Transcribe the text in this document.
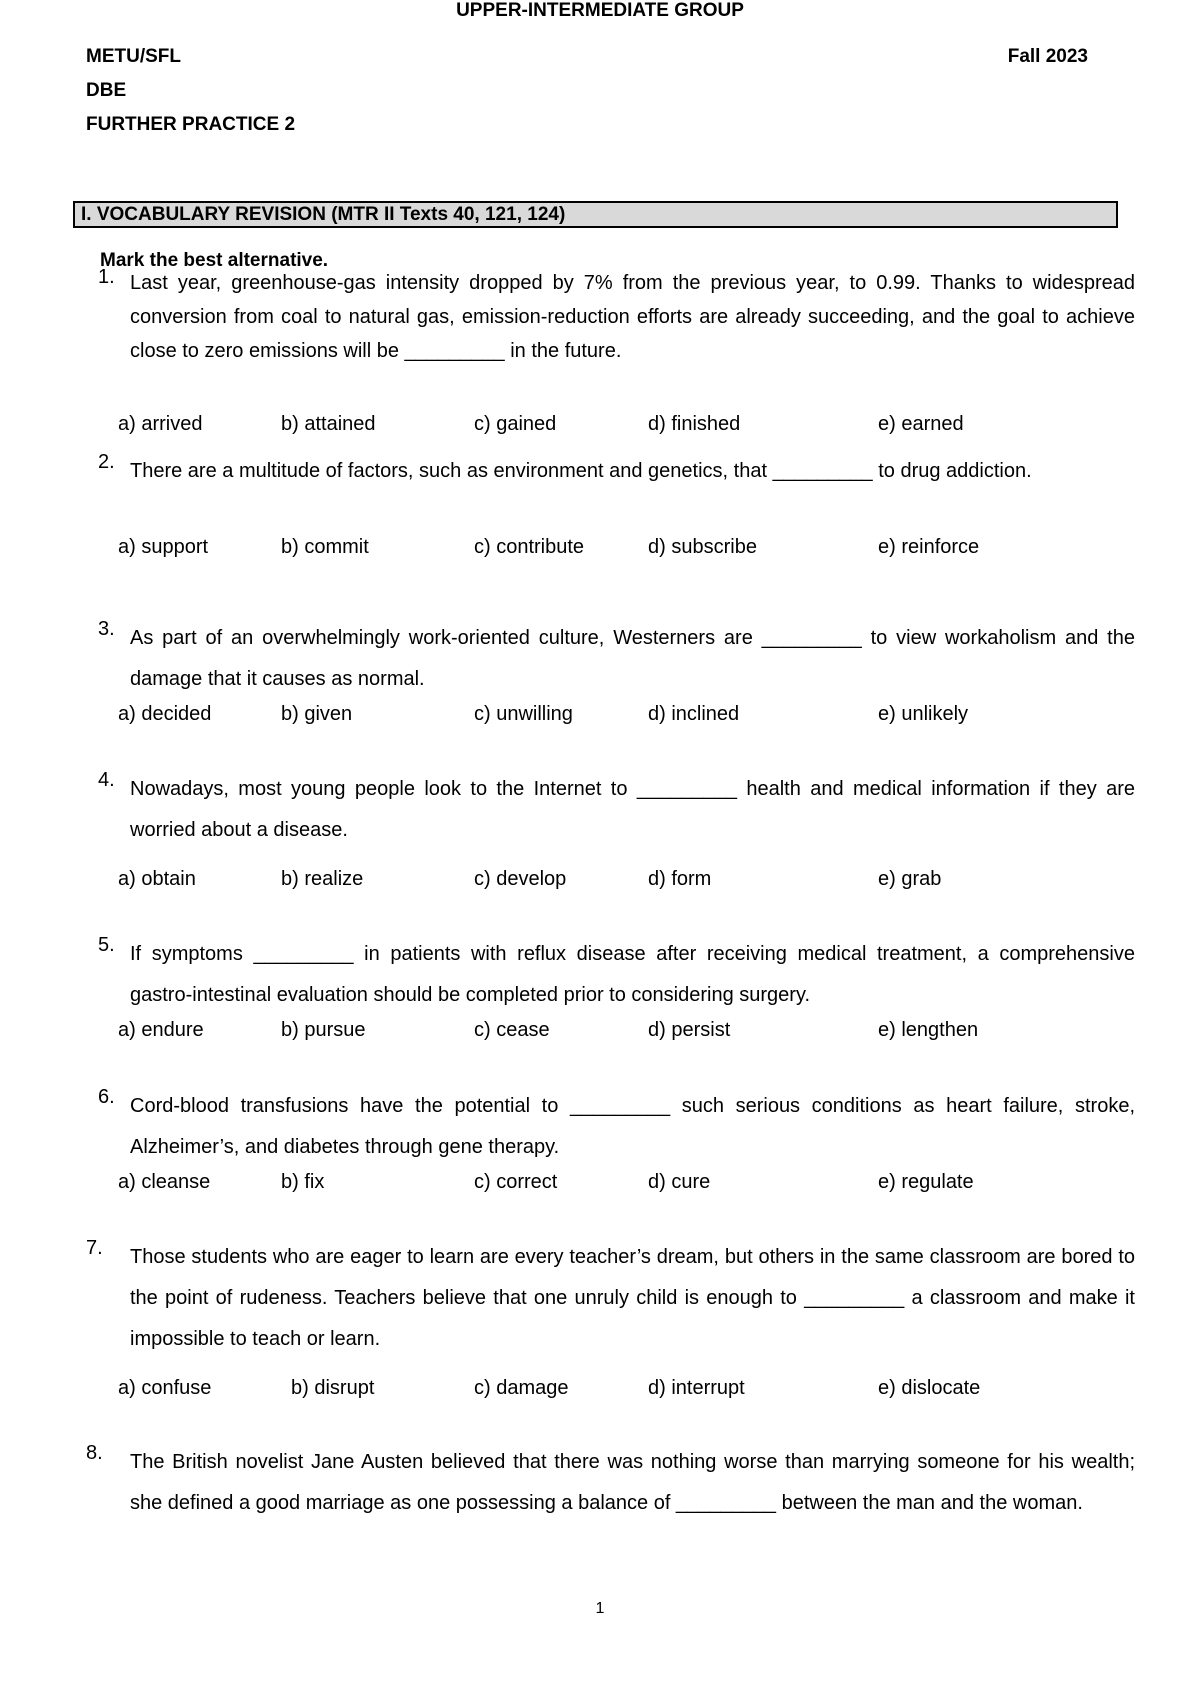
METU/SFL
DBE
FURTHER PRACTICE 2
Fall 2023
UPPER-INTERMEDIATE GROUP
I. VOCABULARY REVISION (MTR II Texts 40, 121, 124)
Mark the best alternative.
1. Last year, greenhouse-gas intensity dropped by 7% from the previous year, to 0.99. Thanks to widespread conversion from coal to natural gas, emission-reduction efforts are already succeeding, and the goal to achieve close to zero emissions will be _________ in the future.
a) arrived	b) attained	c) gained	d) finished	e) earned
2. There are a multitude of factors, such as environment and genetics, that _________ to drug addiction.
a) support	b) commit	c) contribute	d) subscribe	e) reinforce
3. As part of an overwhelmingly work-oriented culture, Westerners are _________ to view workaholism and the damage that it causes as normal.
a) decided	b) given	c) unwilling	d) inclined	e) unlikely
4. Nowadays, most young people look to the Internet to _________ health and medical information if they are worried about a disease.
a) obtain	b) realize	c) develop	d) form	e) grab
5. If symptoms _________ in patients with reflux disease after receiving medical treatment, a comprehensive gastro-intestinal evaluation should be completed prior to considering surgery.
a) endure	b) pursue	c) cease	d) persist	e) lengthen
6. Cord-blood transfusions have the potential to _________ such serious conditions as heart failure, stroke, Alzheimer’s, and diabetes through gene therapy.
a) cleanse	b) fix	c) correct	d) cure	e) regulate
7. Those students who are eager to learn are every teacher’s dream, but others in the same classroom are bored to the point of rudeness. Teachers believe that one unruly child is enough to _________ a classroom and make it impossible to teach or learn.
a) confuse	b) disrupt	c) damage	d) interrupt	e) dislocate
8. The British novelist Jane Austen believed that there was nothing worse than marrying someone for his wealth; she defined a good marriage as one possessing a balance of _________ between the man and the woman.
1
